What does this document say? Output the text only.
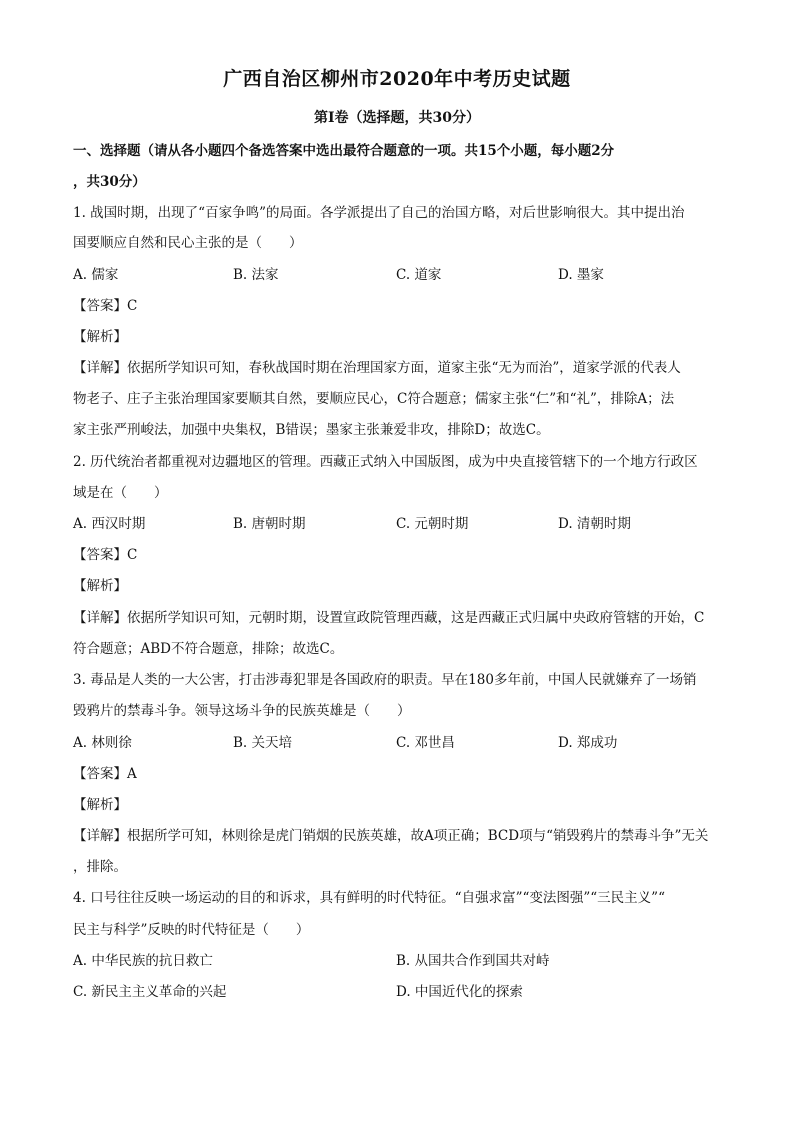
广西自治区柳州市2020年中考历史试题
第Ⅰ卷（选择题，共30分）
一、选择题（请从各小题四个备选答案中选出最符合题意的一项。共15个小题，每小题2分
，共30分）
1. 战国时期，出现了“百家争鸣”的局面。各学派提出了自己的治国方略，对后世影响很大。其中提出治
国要顺应自然和民心主张的是（　　）
A. 儒家	B. 法家	C. 道家	D. 墨家
【答案】C
【解析】
【详解】依据所学知识可知，春秋战国时期在治理国家方面，道家主张“无为而治”，道家学派的代表人
物老子、庄子主张治理国家要顺其自然，要顺应民心，C符合题意；儒家主张“仁”和“礼”，排除A；法
家主张严刑峻法，加强中央集权，B错误；墨家主张兼爱非攻，排除D；故选C。
2. 历代统治者都重视对边疆地区的管理。西藏正式纳入中国版图，成为中央直接管辖下的一个地方行政区
域是在（　　）
A. 西汉时期	B. 唐朝时期	C. 元朝时期	D. 清朝时期
【答案】C
【解析】
【详解】依据所学知识可知，元朝时期，设置宣政院管理西藏，这是西藏正式归属中央政府管辖的开始，C
符合题意；ABD不符合题意，排除；故选C。
3. 毒品是人类的一大公害，打击涉毒犯罪是各国政府的职责。早在180多年前，中国人民就嫌弃了一场销
毁鸦片的禁毒斗争。领导这场斗争的民族英雄是（　　）
A. 林则徐	B. 关天培	C. 邓世昌	D. 郑成功
【答案】A
【解析】
【详解】根据所学可知，林则徐是虎门销烟的民族英雄，故A项正确；BCD项与“销毁鸦片的禁毒斗争”无关
，排除。
4. 口号往往反映一场运动的目的和诉求，具有鲜明的时代特征。“自强求富”“变法图强”“三民主义”“
民主与科学”反映的时代特征是（　　）
A. 中华民族的抗日救亡	B. 从国共合作到国共对峙
C. 新民主主义革命的兴起	D. 中国近代化的探索
